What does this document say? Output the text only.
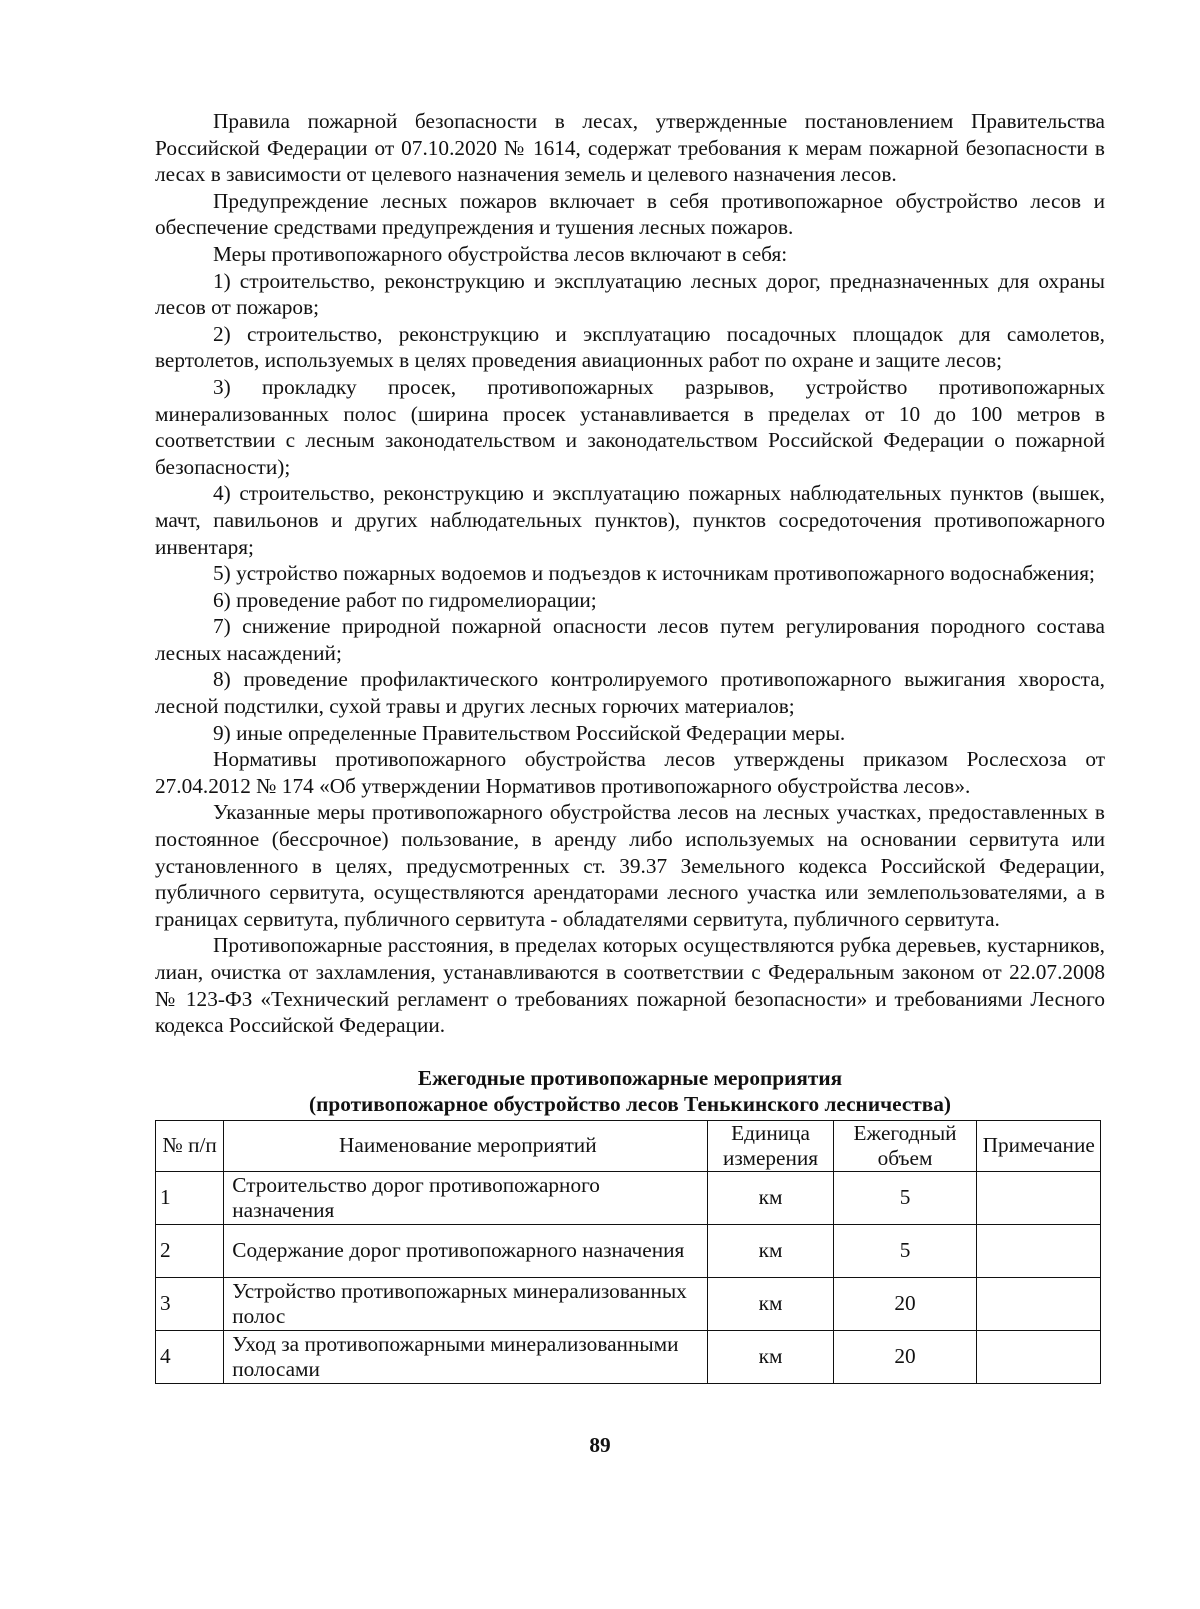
Правила пожарной безопасности в лесах, утвержденные постановлением Правительства Российской Федерации от 07.10.2020 № 1614, содержат требования к мерам пожарной безопасности в лесах в зависимости от целевого назначения земель и целевого назначения лесов.

Предупреждение лесных пожаров включает в себя противопожарное обустройство лесов и обеспечение средствами предупреждения и тушения лесных пожаров.

Меры противопожарного обустройства лесов включают в себя:

1) строительство, реконструкцию и эксплуатацию лесных дорог, предназначенных для охраны лесов от пожаров;

2) строительство, реконструкцию и эксплуатацию посадочных площадок для самолетов, вертолетов, используемых в целях проведения авиационных работ по охране и защите лесов;

3) прокладку просек, противопожарных разрывов, устройство противопожарных минерализованных полос (ширина просек устанавливается в пределах от 10 до 100 метров в соответствии с лесным законодательством и законодательством Российской Федерации о пожарной безопасности);

4) строительство, реконструкцию и эксплуатацию пожарных наблюдательных пунктов (вышек, мачт, павильонов и других наблюдательных пунктов), пунктов сосредоточения противопожарного инвентаря;

5) устройство пожарных водоемов и подъездов к источникам противопожарного водоснабжения;

6) проведение работ по гидромелиорации;

7) снижение природной пожарной опасности лесов путем регулирования породного состава лесных насаждений;

8) проведение профилактического контролируемого противопожарного выжигания хвороста, лесной подстилки, сухой травы и других лесных горючих материалов;

9) иные определенные Правительством Российской Федерации меры.

Нормативы противопожарного обустройства лесов утверждены приказом Рослесхоза от 27.04.2012 № 174 «Об утверждении Нормативов противопожарного обустройства лесов».

Указанные меры противопожарного обустройства лесов на лесных участках, предоставленных в постоянное (бессрочное) пользование, в аренду либо используемых на основании сервитута или установленного в целях, предусмотренных ст. 39.37 Земельного кодекса Российской Федерации, публичного сервитута, осуществляются арендаторами лесного участка или землепользователями, а в границах сервитута, публичного сервитута - обладателями сервитута, публичного сервитута.

Противопожарные расстояния, в пределах которых осуществляются рубка деревьев, кустарников, лиан, очистка от захламления, устанавливаются в соответствии с Федеральным законом от 22.07.2008 № 123-ФЗ «Технический регламент о требованиях пожарной безопасности» и требованиями Лесного кодекса Российской Федерации.

Ежегодные противопожарные мероприятия
(противопожарное обустройство лесов Тенькинского лесничества)
№ п/п	Наименование мероприятий	Единица измерения	Ежегодный объем	Примечание
1	Строительство дорог противопожарного назначения	км	5	
2	Содержание дорог противопожарного назначения	км	5	
3	Устройство противопожарных минерализованных полос	км	20	
4	Уход за противопожарными минерализованными полосами	км	20	
89
